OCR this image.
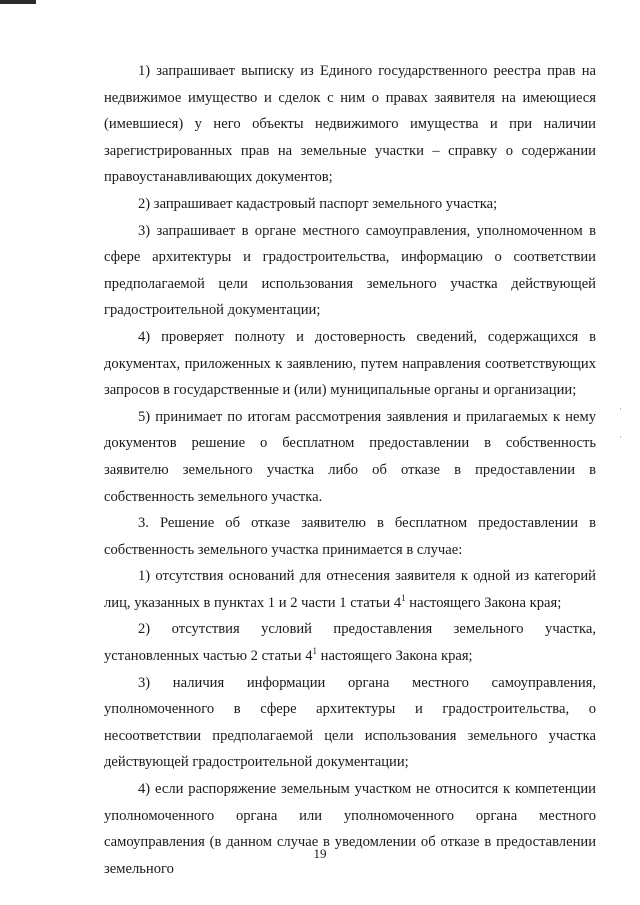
1) запрашивает выписку из Единого государственного реестра прав на недвижимое имущество и сделок с ним о правах заявителя на имеющиеся (имевшиеся) у него объекты недвижимого имущества и при наличии зарегистрированных прав на земельные участки – справку о содержании правоустанавливающих документов;

2) запрашивает кадастровый паспорт земельного участка;

3) запрашивает в органе местного самоуправления, уполномоченном в сфере архитектуры и градостроительства, информацию о соответствии предполагаемой цели использования земельного участка действующей градостроительной документации;

4) проверяет полноту и достоверность сведений, содержащихся в документах, приложенных к заявлению, путем направления соответствующих запросов в государственные и (или) муниципальные органы и организации;

5) принимает по итогам рассмотрения заявления и прилагаемых к нему документов решение о бесплатном предоставлении в собственность заявителю земельного участка либо об отказе в предоставлении в собственность земельного участка.

3. Решение об отказе заявителю в бесплатном предоставлении в собственность земельного участка принимается в случае:

1) отсутствия оснований для отнесения заявителя к одной из категорий лиц, указанных в пунктах 1 и 2 части 1 статьи $4^1$ настоящего Закона края;

2) отсутствия условий предоставления земельного участка, установленных частью 2 статьи $4^1$ настоящего Закона края;

3) наличия информации органа местного самоуправления, уполномоченного в сфере архитектуры и градостроительства, о несоответствии предполагаемой цели использования земельного участка действующей градостроительной документации;

4) если распоряжение земельным участком не относится к компетенции уполномоченного органа или уполномоченного органа местного самоуправления (в данном случае в уведомлении об отказе в предоставлении земельного

19
